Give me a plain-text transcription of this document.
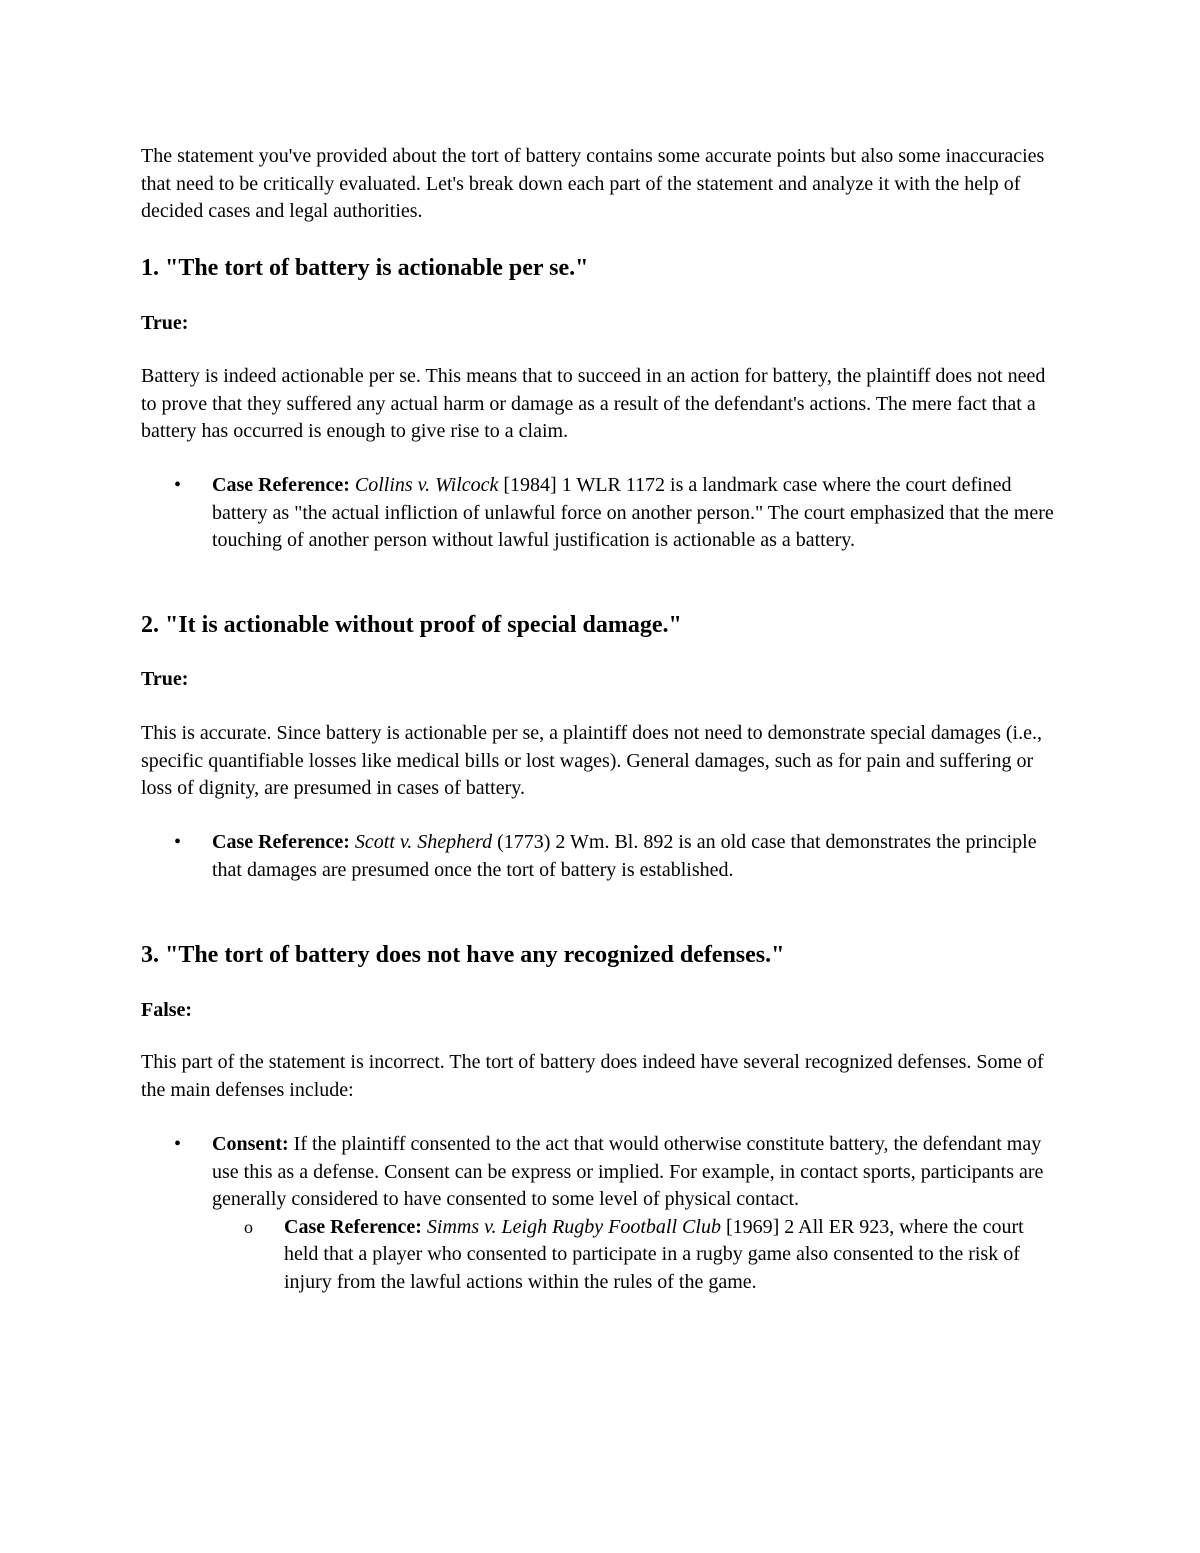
The statement you've provided about the tort of battery contains some accurate points but also some inaccuracies that need to be critically evaluated. Let's break down each part of the statement and analyze it with the help of decided cases and legal authorities.

1. "The tort of battery is actionable per se."

True:

Battery is indeed actionable per se. This means that to succeed in an action for battery, the plaintiff does not need to prove that they suffered any actual harm or damage as a result of the defendant's actions. The mere fact that a battery has occurred is enough to give rise to a claim.

• Case Reference: Collins v. Wilcock [1984] 1 WLR 1172 is a landmark case where the court defined battery as "the actual infliction of unlawful force on another person." The court emphasized that the mere touching of another person without lawful justification is actionable as a battery.
2. "It is actionable without proof of special damage."

True:

This is accurate. Since battery is actionable per se, a plaintiff does not need to demonstrate special damages (i.e., specific quantifiable losses like medical bills or lost wages). General damages, such as for pain and suffering or loss of dignity, are presumed in cases of battery.

• Case Reference: Scott v. Shepherd (1773) 2 Wm. Bl. 892 is an old case that demonstrates the principle that damages are presumed once the tort of battery is established.
3. "The tort of battery does not have any recognized defenses."

False:

This part of the statement is incorrect. The tort of battery does indeed have several recognized defenses. Some of the main defenses include:

• Consent: If the plaintiff consented to the act that would otherwise constitute battery, the defendant may use this as a defense. Consent can be express or implied. For example, in contact sports, participants are generally considered to have consented to some level of physical contact.
o Case Reference: Simms v. Leigh Rugby Football Club [1969] 2 All ER 923, where the court held that a player who consented to participate in a rugby game also consented to the risk of injury from the lawful actions within the rules of the game.
